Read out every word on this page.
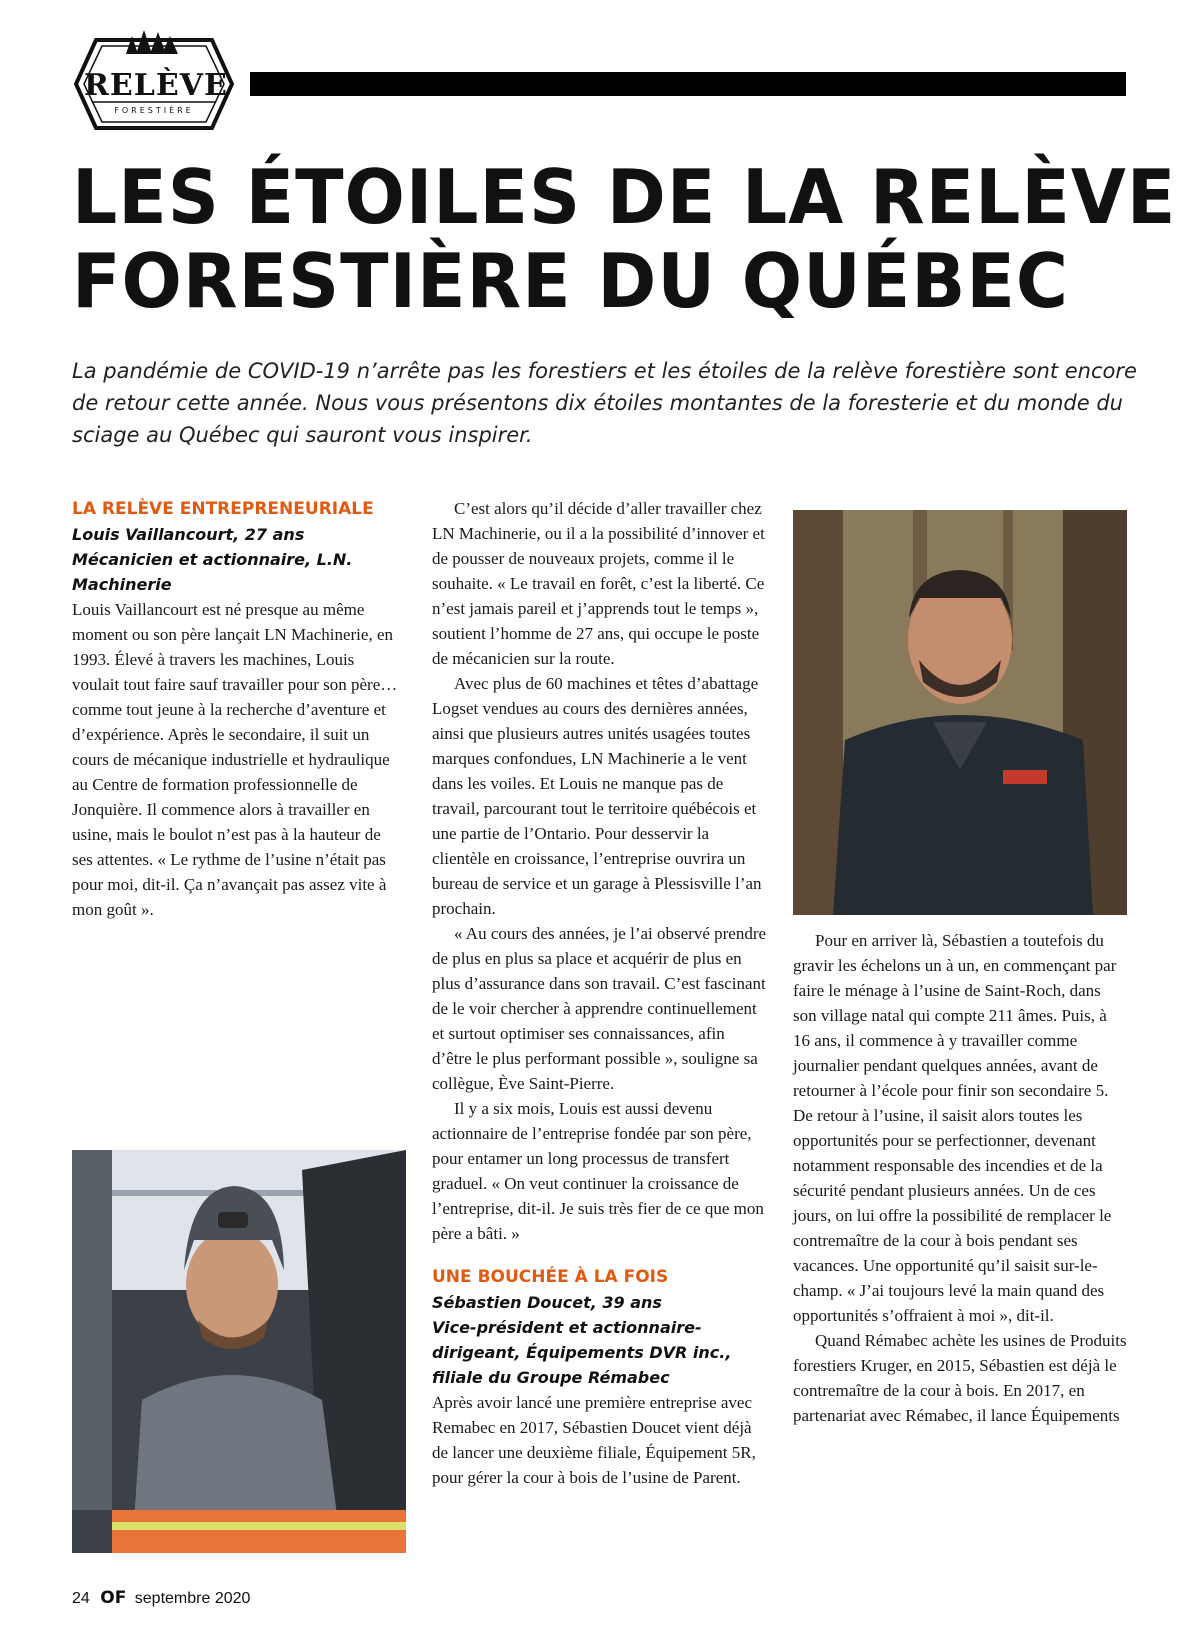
RELÈVE
FORESTIÈRE
LES ÉTOILES DE LA RELÈVE
FORESTIÈRE DU QUÉBEC

La pandémie de COVID-19 n’arrête pas les forestiers et les étoiles de la relève forestière sont encore de retour cette année. Nous vous présentons dix étoiles montantes de la foresterie et du monde du sciage au Québec qui sauront vous inspirer.

LA RELÈVE ENTREPRENEURIALE

Louis Vaillancourt, 27 ans

Mécanicien et actionnaire, L.N. Machinerie

Louis Vaillancourt est né presque au même moment ou son père lançait LN Machinerie, en 1993. Élevé à travers les machines, Louis voulait tout faire sauf travailler pour son père… comme tout jeune à la recherche d’aventure et d’expérience. Après le secondaire, il suit un cours de mécanique industrielle et hydraulique au Centre de formation professionnelle de Jonquière. Il commence alors à travailler en usine, mais le boulot n’est pas à la hauteur de ses attentes. « Le rythme de l’usine n’était pas pour moi, dit-il. Ça n’avançait pas assez vite à mon goût ».

C’est alors qu’il décide d’aller travailler chez LN Machinerie, ou il a la possibilité d’innover et de pousser de nouveaux projets, comme il le souhaite. « Le travail en forêt, c’est la liberté. Ce n’est jamais pareil et j’apprends tout le temps », soutient l’homme de 27 ans, qui occupe le poste de mécanicien sur la route.

Avec plus de 60 machines et têtes d’abattage Logset vendues au cours des dernières années, ainsi que plusieurs autres unités usagées toutes marques confondues, LN Machinerie a le vent dans les voiles. Et Louis ne manque pas de travail, parcourant tout le territoire québécois et une partie de l’Ontario. Pour desservir la clientèle en croissance, l’entreprise ouvrira un bureau de service et un garage à Plessisville l’an prochain.

« Au cours des années, je l’ai observé prendre de plus en plus sa place et acquérir de plus en plus d’assurance dans son travail. C’est fascinant de le voir chercher à apprendre continuellement et surtout optimiser ses connaissances, afin d’être le plus performant possible », souligne sa collègue, Ève Saint-Pierre.

Il y a six mois, Louis est aussi devenu actionnaire de l’entreprise fondée par son père, pour entamer un long processus de transfert graduel. « On veut continuer la croissance de l’entreprise, dit-il. Je suis très fier de ce que mon père a bâti. »

UNE BOUCHÉE À LA FOIS

Sébastien Doucet, 39 ans

Vice-président et actionnaire-dirigeant, Équipements DVR inc., filiale du Groupe Rémabec

Après avoir lancé une première entreprise avec Remabec en 2017, Sébastien Doucet vient déjà de lancer une deuxième filiale, Équipement 5R, pour gérer la cour à bois de l’usine de Parent.

Pour en arriver là, Sébastien a toutefois du gravir les échelons un à un, en commençant par faire le ménage à l’usine de Saint-Roch, dans son village natal qui compte 211 âmes. Puis, à 16 ans, il commence à y travailler comme journalier pendant quelques années, avant de retourner à l’école pour finir son secondaire 5. De retour à l’usine, il saisit alors toutes les opportunités pour se perfectionner, devenant notamment responsable des incendies et de la sécurité pendant plusieurs années. Un de ces jours, on lui offre la possibilité de remplacer le contremaître de la cour à bois pendant ses vacances. Une opportunité qu’il saisit sur-le-champ. « J’ai toujours levé la main quand des opportunités s’offraient à moi », dit-il.

Quand Rémabec achète les usines de Produits forestiers Kruger, en 2015, Sébastien est déjà le contremaître de la cour à bois. En 2017, en partenariat avec Rémabec, il lance Équipements

24 OF septembre 2020
